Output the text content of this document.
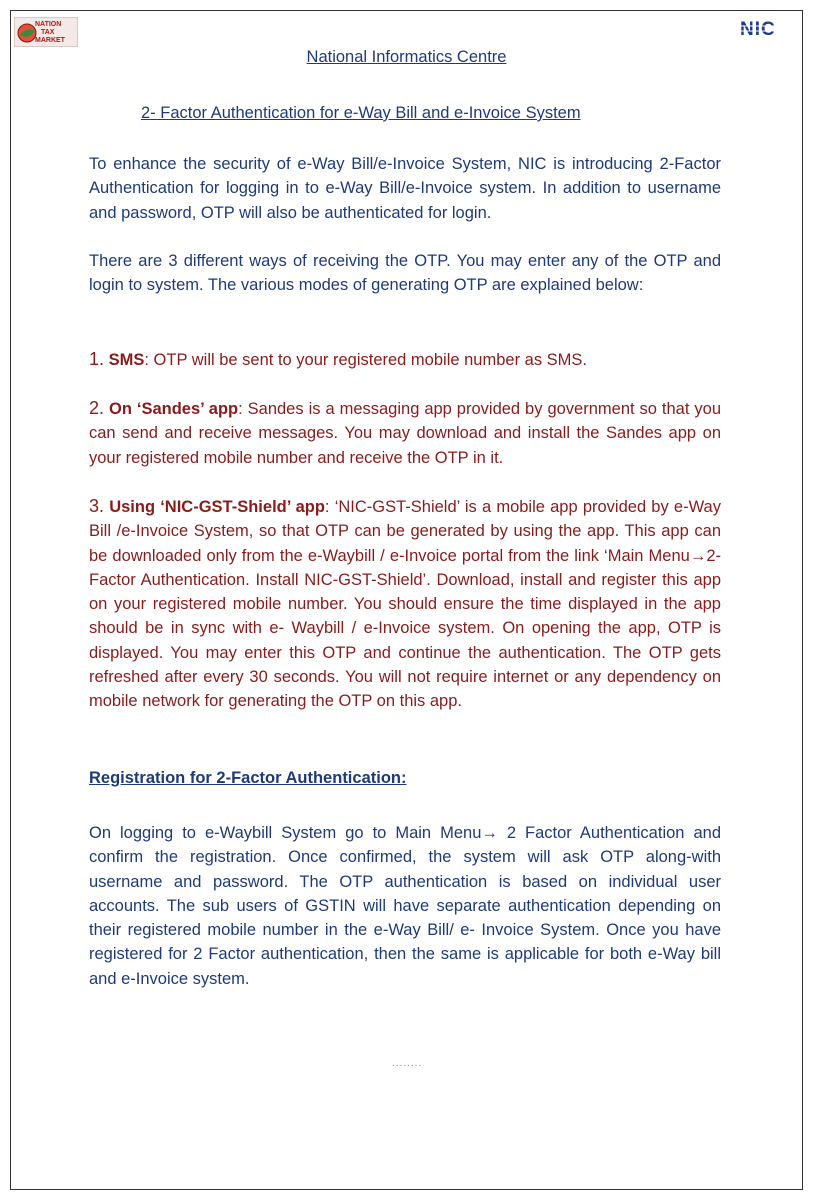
NATION
TAX
MARKET
NIC
National Informatics Centre
2- Factor Authentication for e-Way Bill and e-Invoice System
To enhance the security of e-Way Bill/e-Invoice System, NIC is introducing 2-Factor Authentication for logging in to e-Way Bill/e-Invoice system. In addition to username and password, OTP will also be authenticated for login.
There are 3 different ways of receiving the OTP. You may enter any of the OTP and login to system. The various modes of generating OTP are explained below:
1. SMS: OTP will be sent to your registered mobile number as SMS.
2. On ‘Sandes’ app: Sandes is a messaging app provided by government so that you can send and receive messages. You may download and install the Sandes app on your registered mobile number and receive the OTP in it.
3. Using ‘NIC-GST-Shield’ app: ‘NIC-GST-Shield’ is a mobile app provided by e-Way Bill /e-Invoice System, so that OTP can be generated by using the app. This app can be downloaded only from the e-Waybill / e-Invoice portal from the link ‘Main Menu→2-Factor Authentication. Install NIC-GST-Shield’. Download, install and register this app on your registered mobile number. You should ensure the time displayed in the app should be in sync with e- Waybill / e-Invoice system. On opening the app, OTP is displayed. You may enter this OTP and continue the authentication. The OTP gets refreshed after every 30 seconds. You will not require internet or any dependency on mobile network for generating the OTP on this app.
Registration for 2-Factor Authentication:
On logging to e-Waybill System go to Main Menu→ 2 Factor Authentication and confirm the registration. Once confirmed, the system will ask OTP along-with username and password. The OTP authentication is based on individual user accounts. The sub users of GSTIN will have separate authentication depending on their registered mobile number in the e-Way Bill/ e- Invoice System. Once you have registered for 2 Factor authentication, then the same is applicable for both e-Way bill and e-Invoice system.
........
